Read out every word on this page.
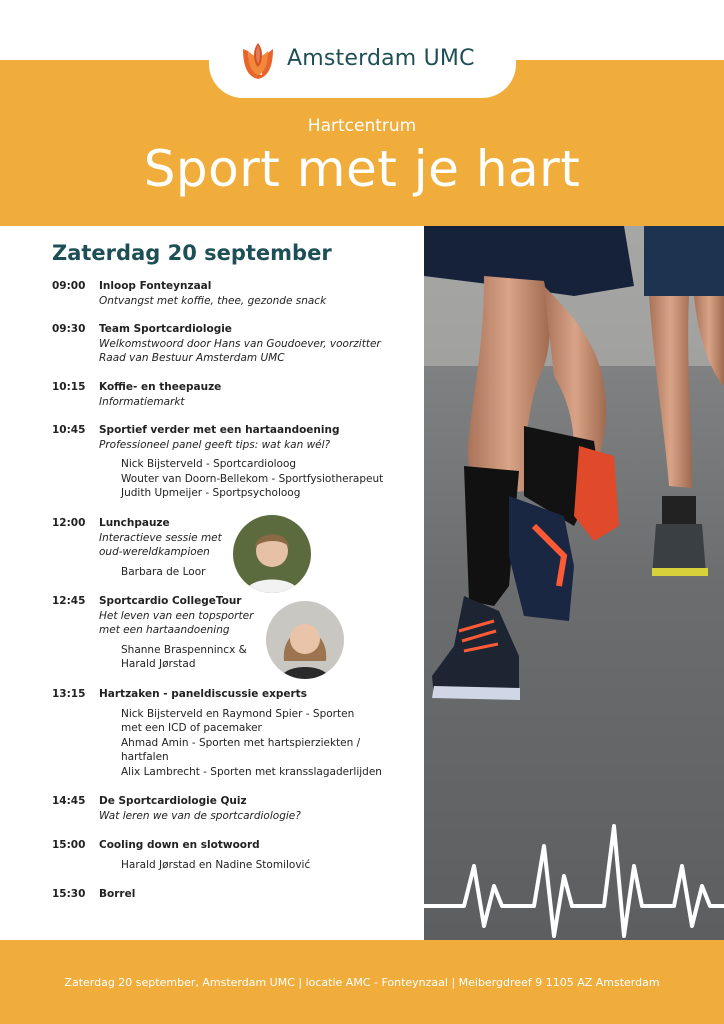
Amsterdam UMC
Hartcentrum
Sport met je hart
Zaterdag 20 september
09:00	Inloop Fonteynzaal
Ontvangst met koffie, thee, gezonde snack
09:30	Team Sportcardiologie
Welkomstwoord door Hans van Goudoever, voorzitter
Raad van Bestuur Amsterdam UMC
10:15	Koffie- en theepauze
Informatiemarkt
10:45	Sportief verder met een hartaandoening
Professioneel panel geeft tips: wat kan wél?
Nick Bijsterveld - Sportcardioloog
Wouter van Doorn-Bellekom - Sportfysiotherapeut
Judith Upmeijer - Sportpsycholoog
12:00	Lunchpauze
Interactieve sessie met
oud-wereldkampioen
Barbara de Loor
12:45	Sportcardio CollegeTour
Het leven van een topsporter
met een hartaandoening
Shanne Braspennincx &
Harald Jørstad
13:15	Hartzaken - paneldiscussie experts
Nick Bijsterveld en Raymond Spier - Sporten
met een ICD of pacemaker
Ahmad Amin - Sporten met hartspierziekten /
hartfalen
Alix Lambrecht - Sporten met kransslagaderlijden
14:45	De Sportcardiologie Quiz
Wat leren we van de sportcardiologie?
15:00	Cooling down en slotwoord
Harald Jørstad en Nadine Stomilović
15:30	Borrel
Zaterdag 20 september, Amsterdam UMC | locatie AMC - Fonteynzaal | Meibergdreef 9 1105 AZ Amsterdam
